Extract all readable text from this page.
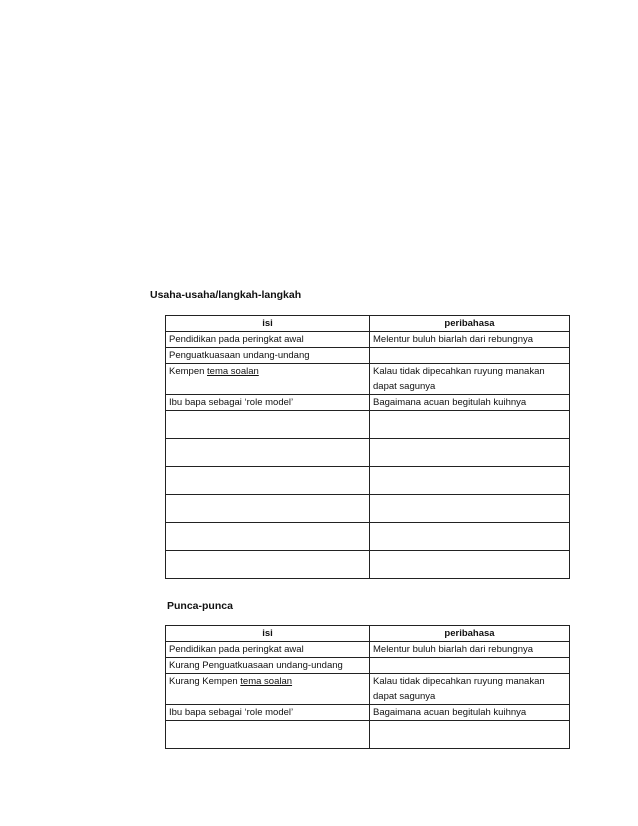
Usaha-usaha/langkah-langkah
isi	peribahasa
Pendidikan pada peringkat awal	Melentur buluh biarlah dari rebungnya
Penguatkuasaan undang-undang	
Kempen tema soalan	Kalau tidak dipecahkan ruyung manakan dapat sagunya
Ibu bapa sebagai ‘role model’	Bagaimana acuan begitulah kuihnya

Punca-punca
isi	peribahasa
Pendidikan pada peringkat awal	Melentur buluh biarlah dari rebungnya
Kurang Penguatkuasaan undang-undang	
Kurang Kempen tema soalan	Kalau tidak dipecahkan ruyung manakan dapat sagunya
Ibu bapa sebagai ‘role model’	Bagaimana acuan begitulah kuihnya
